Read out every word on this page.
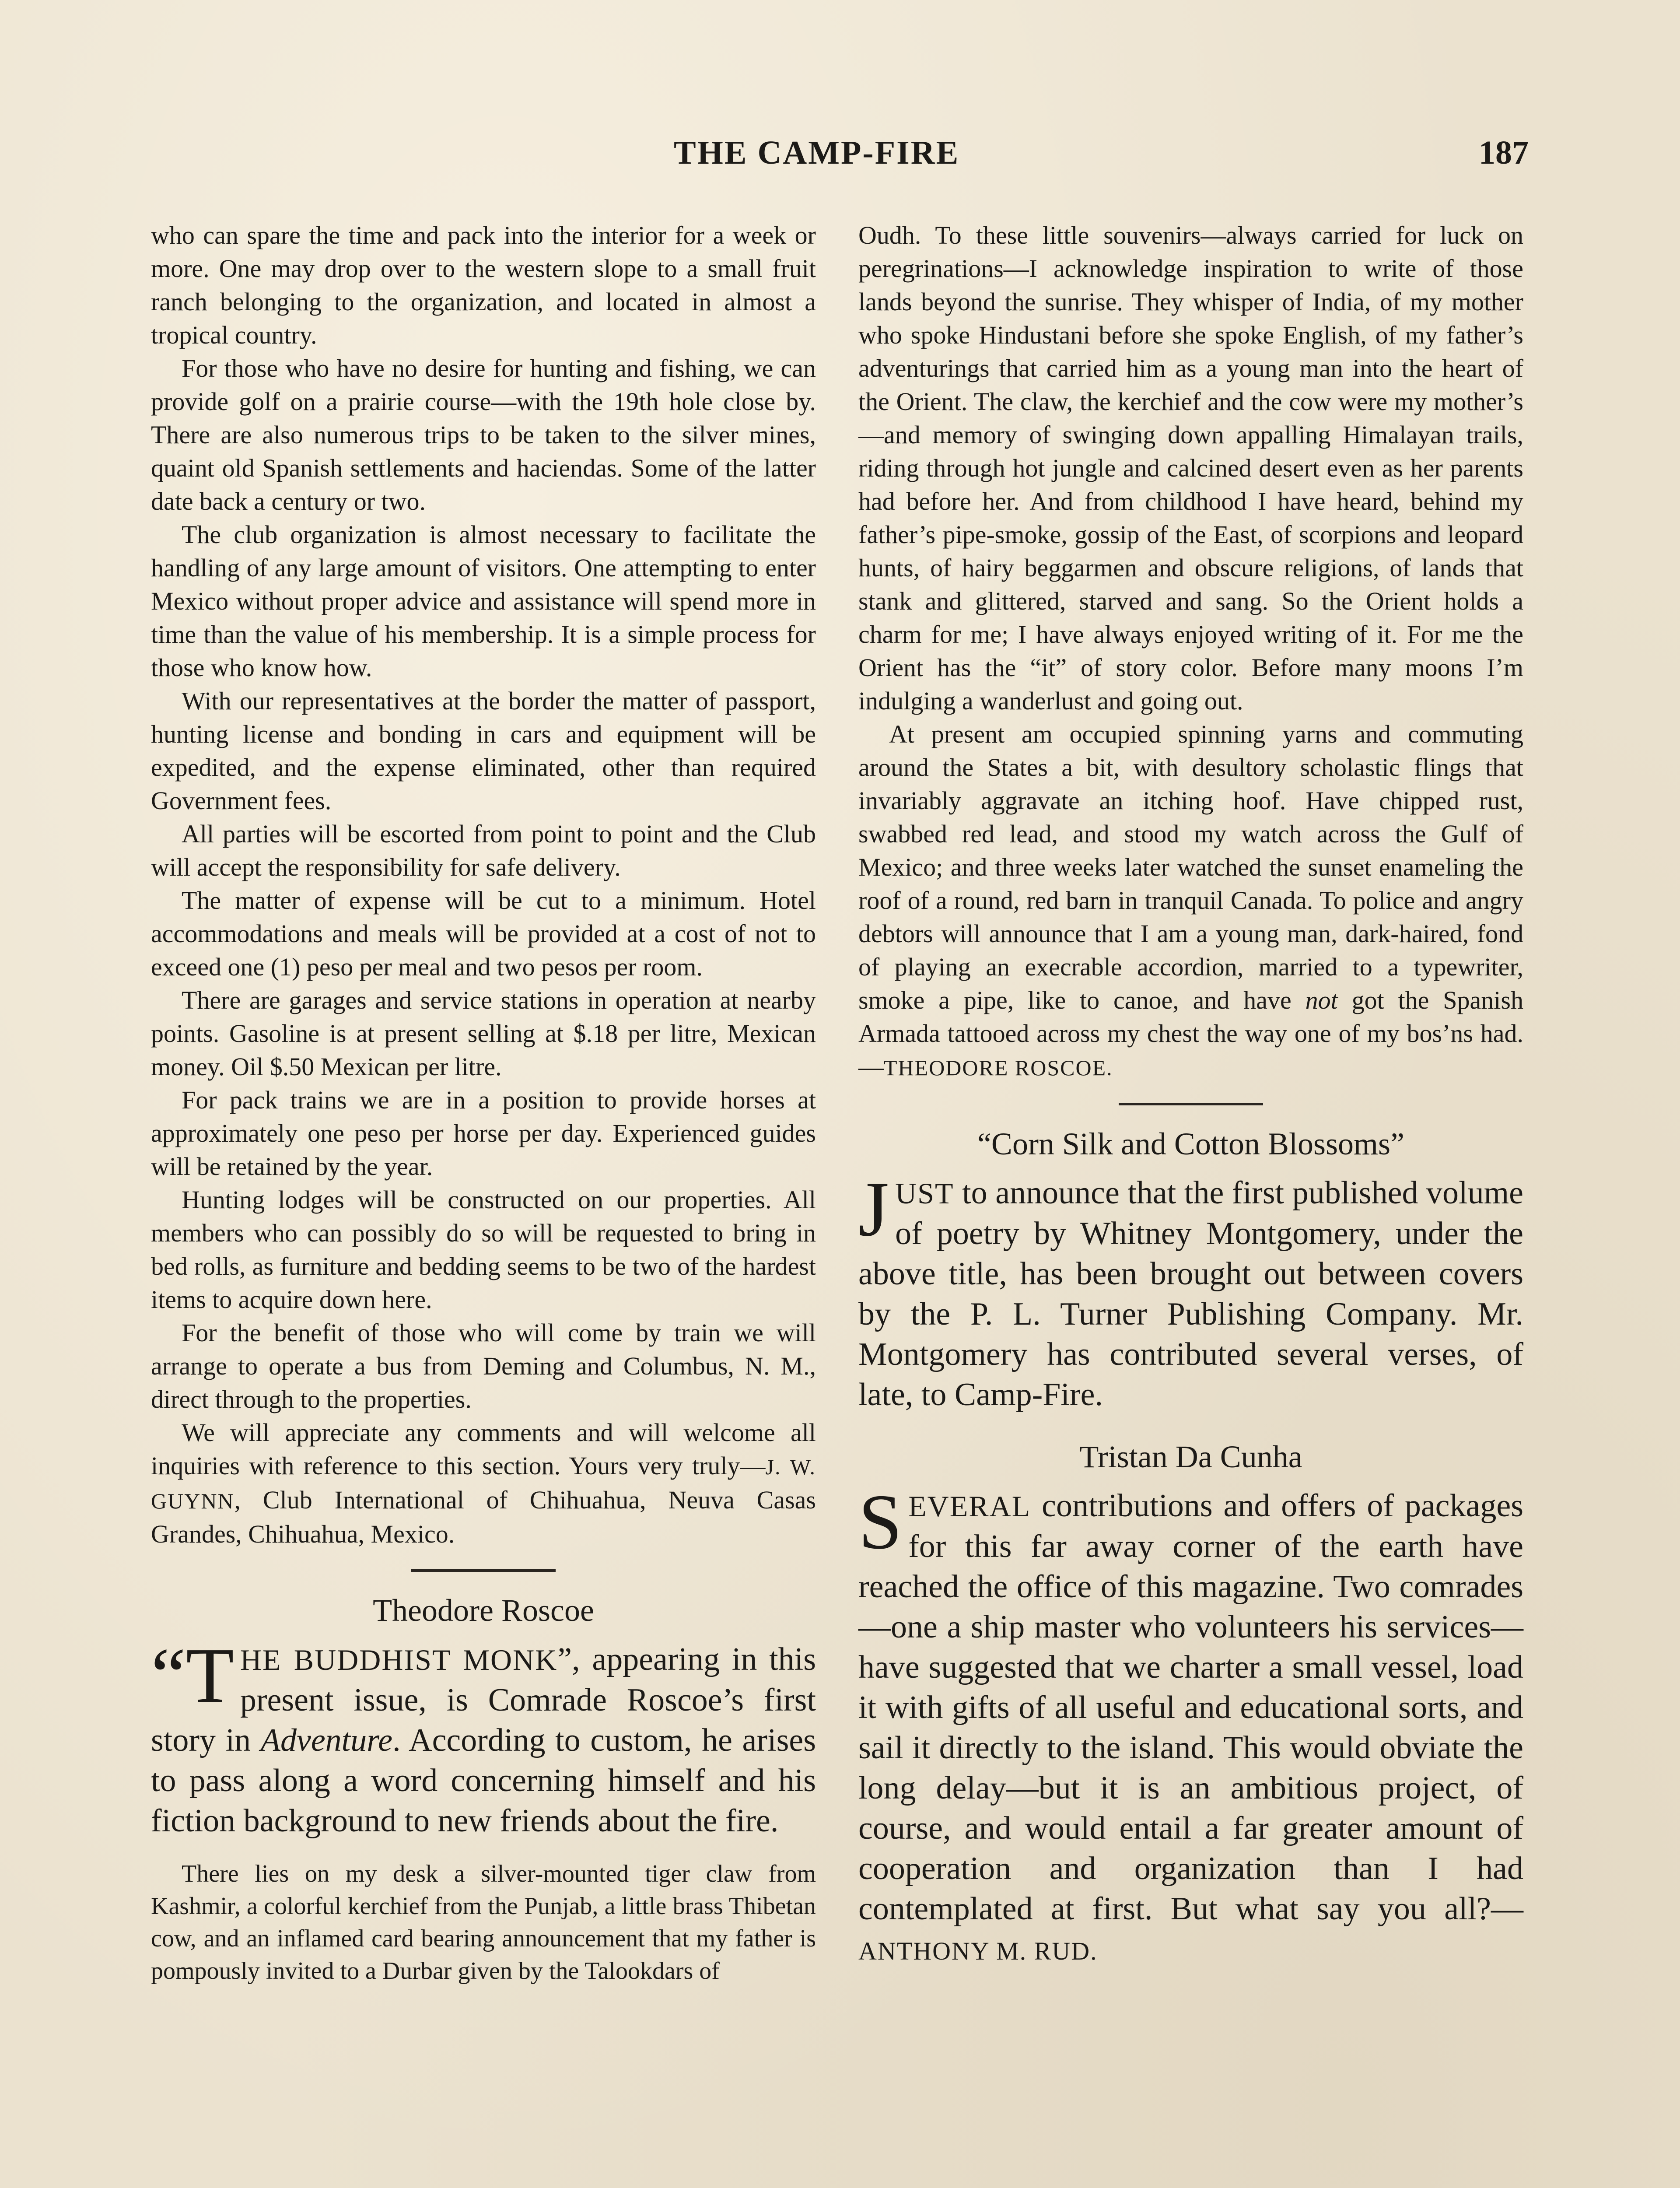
THE CAMP-FIRE	187

who can spare the time and pack into the interior for a week or more. One may drop over to the western slope to a small fruit ranch belonging to the organization, and located in almost a tropical country.

For those who have no desire for hunting and fishing, we can provide golf on a prairie course—with the 19th hole close by. There are also numerous trips to be taken to the silver mines, quaint old Spanish settlements and haciendas. Some of the latter date back a century or two.

The club organization is almost necessary to facilitate the handling of any large amount of visitors. One attempting to enter Mexico without proper advice and assistance will spend more in time than the value of his membership. It is a simple process for those who know how.

With our representatives at the border the matter of passport, hunting license and bonding in cars and equipment will be expedited, and the expense eliminated, other than required Government fees.

All parties will be escorted from point to point and the Club will accept the responsibility for safe delivery.

The matter of expense will be cut to a minimum. Hotel accommodations and meals will be provided at a cost of not to exceed one (1) peso per meal and two pesos per room.

There are garages and service stations in operation at nearby points. Gasoline is at present selling at $.18 per litre, Mexican money. Oil $.50 Mexican per litre.

For pack trains we are in a position to provide horses at approximately one peso per horse per day. Experienced guides will be retained by the year.

Hunting lodges will be constructed on our properties. All members who can possibly do so will be requested to bring in bed rolls, as furniture and bedding seems to be two of the hardest items to acquire down here.

For the benefit of those who will come by train we will arrange to operate a bus from Deming and Columbus, N. M., direct through to the properties.

We will appreciate any comments and will welcome all inquiries with reference to this section. Yours very truly—J. W. GUYNN, Club International of Chihuahua, Neuva Casas Grandes, Chihuahua, Mexico.

Theodore Roscoe

“THE BUDDHIST MONK”, appearing in this present issue, is Comrade Roscoe’s first story in Adventure. According to custom, he arises to pass along a word concerning himself and his fiction background to new friends about the fire.

There lies on my desk a silver-mounted tiger claw from Kashmir, a colorful kerchief from the Punjab, a little brass Thibetan cow, and an inflamed card bearing announcement that my father is pompously invited to a Durbar given by the Talookdars of

Oudh. To these little souvenirs—always carried for luck on peregrinations—I acknowledge inspiration to write of those lands beyond the sunrise. They whisper of India, of my mother who spoke Hindustani before she spoke English, of my father’s adventurings that carried him as a young man into the heart of the Orient. The claw, the kerchief and the cow were my mother’s—and memory of swinging down appalling Himalayan trails, riding through hot jungle and calcined desert even as her parents had before her. And from childhood I have heard, behind my father’s pipe-smoke, gossip of the East, of scorpions and leopard hunts, of hairy beggarmen and obscure religions, of lands that stank and glittered, starved and sang. So the Orient holds a charm for me; I have always enjoyed writing of it. For me the Orient has the “it” of story color. Before many moons I’m indulging a wanderlust and going out.

At present am occupied spinning yarns and commuting around the States a bit, with desultory scholastic flings that invariably aggravate an itching hoof. Have chipped rust, swabbed red lead, and stood my watch across the Gulf of Mexico; and three weeks later watched the sunset enameling the roof of a round, red barn in tranquil Canada. To police and angry debtors will announce that I am a young man, dark-haired, fond of playing an execrable accordion, married to a typewriter, smoke a pipe, like to canoe, and have not got the Spanish Armada tattooed across my chest the way one of my bos’ns had.—THEODORE ROSCOE.

“Corn Silk and Cotton Blossoms”

JUST to announce that the first published volume of poetry by Whitney Montgomery, under the above title, has been brought out between covers by the P. L. Turner Publishing Company. Mr. Montgomery has contributed several verses, of late, to Camp-Fire.

Tristan Da Cunha

SEVERAL contributions and offers of packages for this far away corner of the earth have reached the office of this magazine. Two comrades—one a ship master who volunteers his services—have suggested that we charter a small vessel, load it with gifts of all useful and educational sorts, and sail it directly to the island. This would obviate the long delay—but it is an ambitious project, of course, and would entail a far greater amount of cooperation and organization than I had contemplated at first. But what say you all?—ANTHONY M. RUD.
